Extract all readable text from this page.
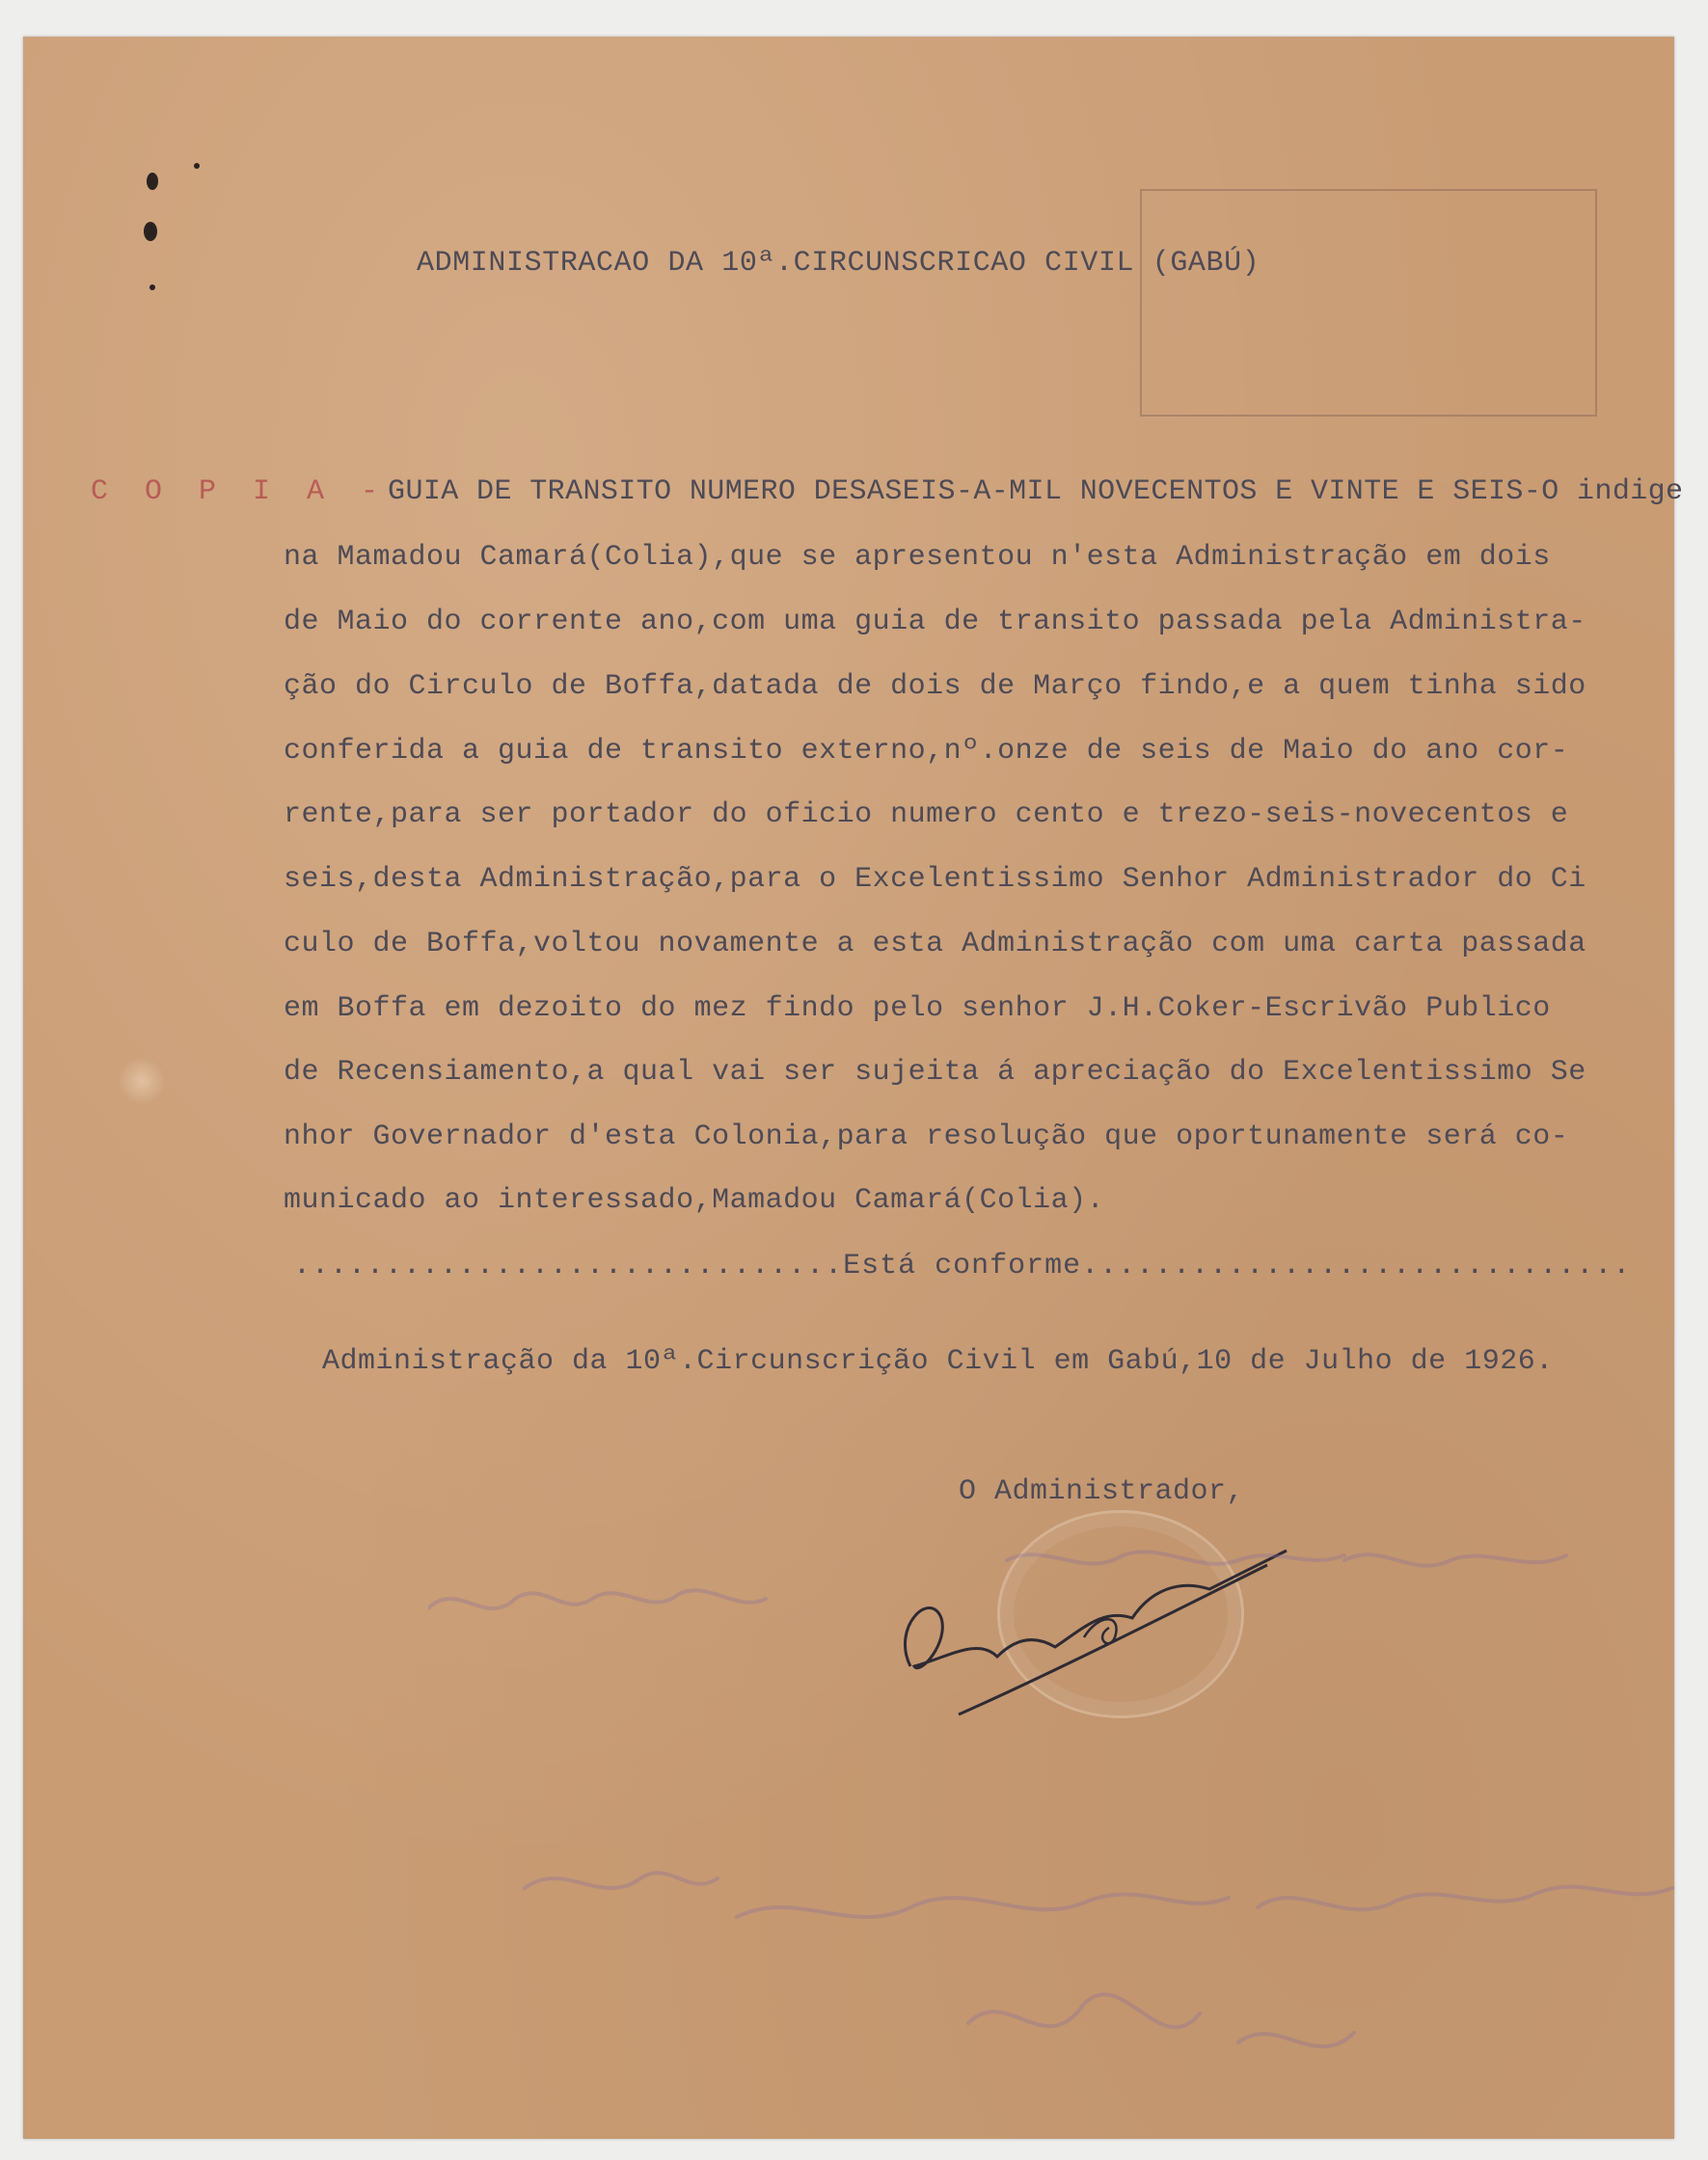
ADMINISTRACAO DA 10ª.CIRCUNSCRICAO CIVIL (GABÚ)
C O P I A -GUIA DE TRANSITO NUMERO DESASEIS-A-MIL NOVECENTOS E VINTE E SEIS-O indige
na Mamadou Camará(Colia),que se apresentou n'esta Administração em dois
de Maio do corrente ano,com uma guia de transito passada pela Administra-
ção do Circulo de Boffa,datada de dois de Março findo,e a quem tinha sido
conferida a guia de transito externo,nº.onze de seis de Maio do ano cor-
rente,para ser portador do oficio numero cento e trezo-seis-novecentos e
seis,desta Administração,para o Excelentissimo Senhor Administrador do Ci
culo de Boffa,voltou novamente a esta Administração com uma carta passada
em Boffa em dezoito do mez findo pelo senhor J.H.Coker-Escrivão Publico
de Recensiamento,a qual vai ser sujeita á apreciação do Excelentissimo Se
nhor Governador d'esta Colonia,para resolução que oportunamente será co-
municado ao interessado,Mamadou Camará(Colia).
..............................Está conforme..............................
Administração da 10ª.Circunscrição Civil em Gabú,10 de Julho de 1926.
O Administrador,
